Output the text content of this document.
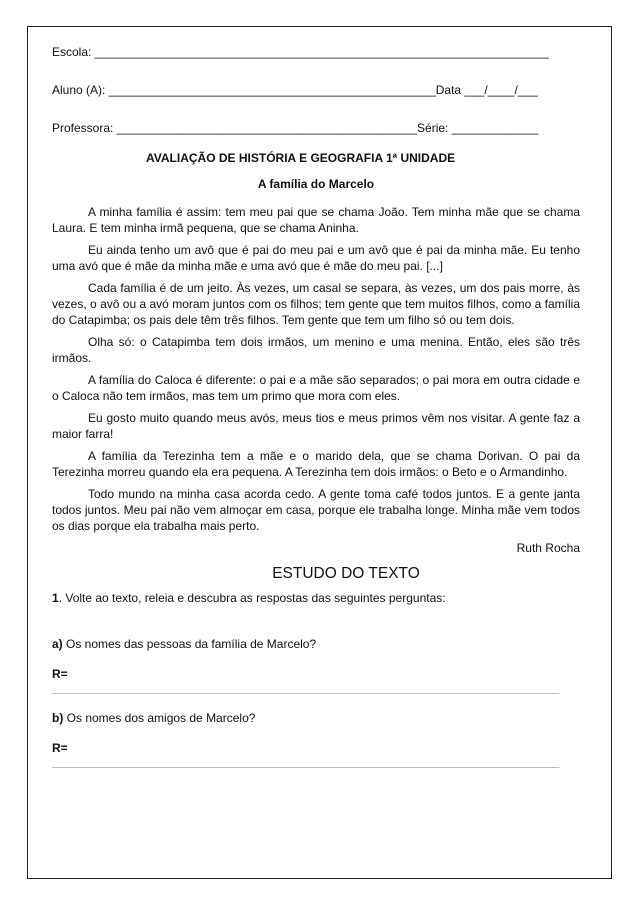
Escola: ____________________________________________________________________

Aluno (A): _________________________________________________Data ___/____/___

Professora: _____________________________________________Série: _____________

AVALIAÇÃO DE HISTÓRIA E GEOGRAFIA 1ª UNIDADE

A família do Marcelo

A minha família é assim: tem meu pai que se chama João. Tem minha mãe que se chama Laura. E tem minha irmã pequena, que se chama Aninha.

Eu ainda tenho um avô que é pai do meu pai e um avô que é pai da minha mãe. Eu tenho uma avó que é mãe da minha mãe e uma avó que é mãe do meu pai. [...]

Cada família é de um jeito. Às vezes, um casal se separa, às vezes, um dos pais morre, às vezes, o avô ou a avó moram juntos com os filhos; tem gente que tem muitos filhos, como a família do Catapimba; os pais dele têm três filhos. Tem gente que tem um filho só ou tem dois.

Olha só: o Catapimba tem dois irmãos, um menino e uma menina. Então, eles são três irmãos.

A família do Caloca é diferente: o pai e a mãe são separados; o pai mora em outra cidade e o Caloca não tem irmãos, mas tem um primo que mora com eles.

Eu gosto muito quando meus avós, meus tios e meus primos vêm nos visitar. A gente faz a maior farra!

A família da Terezinha tem a mãe e o marido dela, que se chama Dorivan. O pai da Terezinha morreu quando ela era pequena. A Terezinha tem dois irmãos: o Beto e o Armandinho.

Todo mundo na minha casa acorda cedo. A gente toma café todos juntos. E a gente janta todos juntos. Meu pai não vem almoçar em casa, porque ele trabalha longe. Minha mãe vem todos os dias porque ela trabalha mais perto.

Ruth Rocha

ESTUDO DO TEXTO

1. Volte ao texto, releia e descubra as respostas das seguintes perguntas:

a) Os nomes das pessoas da família de Marcelo?

R=

____________________________________________________________________________

b) Os nomes dos amigos de Marcelo?

R=

____________________________________________________________________________
